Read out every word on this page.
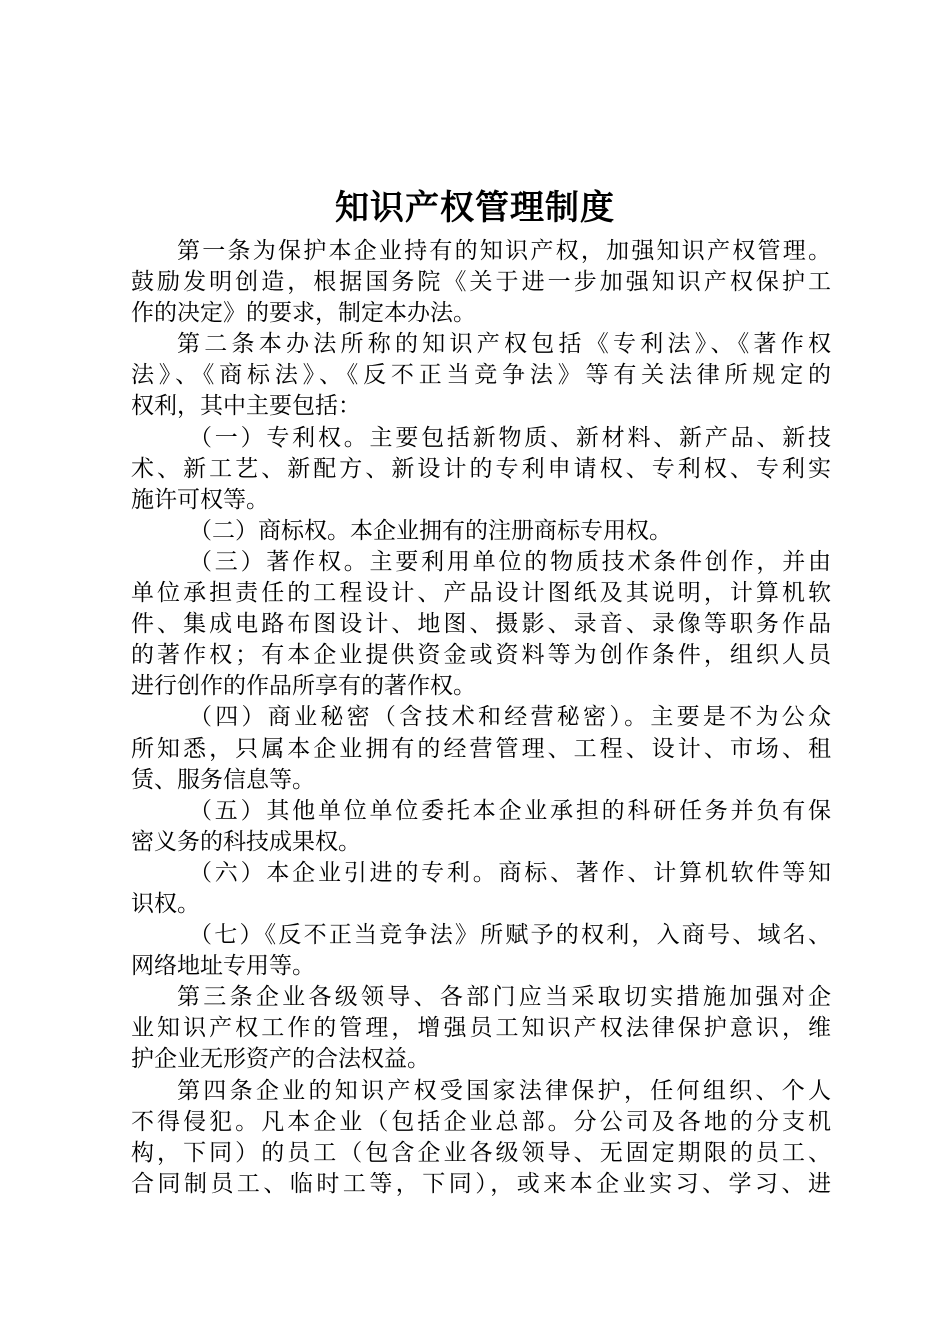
知识产权管理制度
第一条为保护本企业持有的知识产权，加强知识产权管理。
鼓励发明创造，根据国务院《关于进一步加强知识产权保护工
作的决定》的要求，制定本办法。
第二条本办法所称的知识产权包括《专利法》、《著作权
法》、《商标法》、《反不正当竞争法》等有关法律所规定的
权利，其中主要包括：
（一）专利权。主要包括新物质、新材料、新产品、新技
术、新工艺、新配方、新设计的专利申请权、专利权、专利实
施许可权等。
（二）商标权。本企业拥有的注册商标专用权。
（三）著作权。主要利用单位的物质技术条件创作，并由
单位承担责任的工程设计、产品设计图纸及其说明，计算机软
件、集成电路布图设计、地图、摄影、录音、录像等职务作品
的著作权；有本企业提供资金或资料等为创作条件，组织人员
进行创作的作品所享有的著作权。
（四）商业秘密（含技术和经营秘密）。主要是不为公众
所知悉，只属本企业拥有的经营管理、工程、设计、市场、租
赁、服务信息等。
（五）其他单位单位委托本企业承担的科研任务并负有保
密义务的科技成果权。
（六）本企业引进的专利。商标、著作、计算机软件等知
识权。
（七）《反不正当竞争法》所赋予的权利，入商号、域名、
网络地址专用等。
第三条企业各级领导、各部门应当采取切实措施加强对企
业知识产权工作的管理，增强员工知识产权法律保护意识，维
护企业无形资产的合法权益。
第四条企业的知识产权受国家法律保护，任何组织、个人
不得侵犯。凡本企业（包括企业总部。分公司及各地的分支机
构，下同）的员工（包含企业各级领导、无固定期限的员工、
合同制员工、临时工等，下同），或来本企业实习、学习、进
